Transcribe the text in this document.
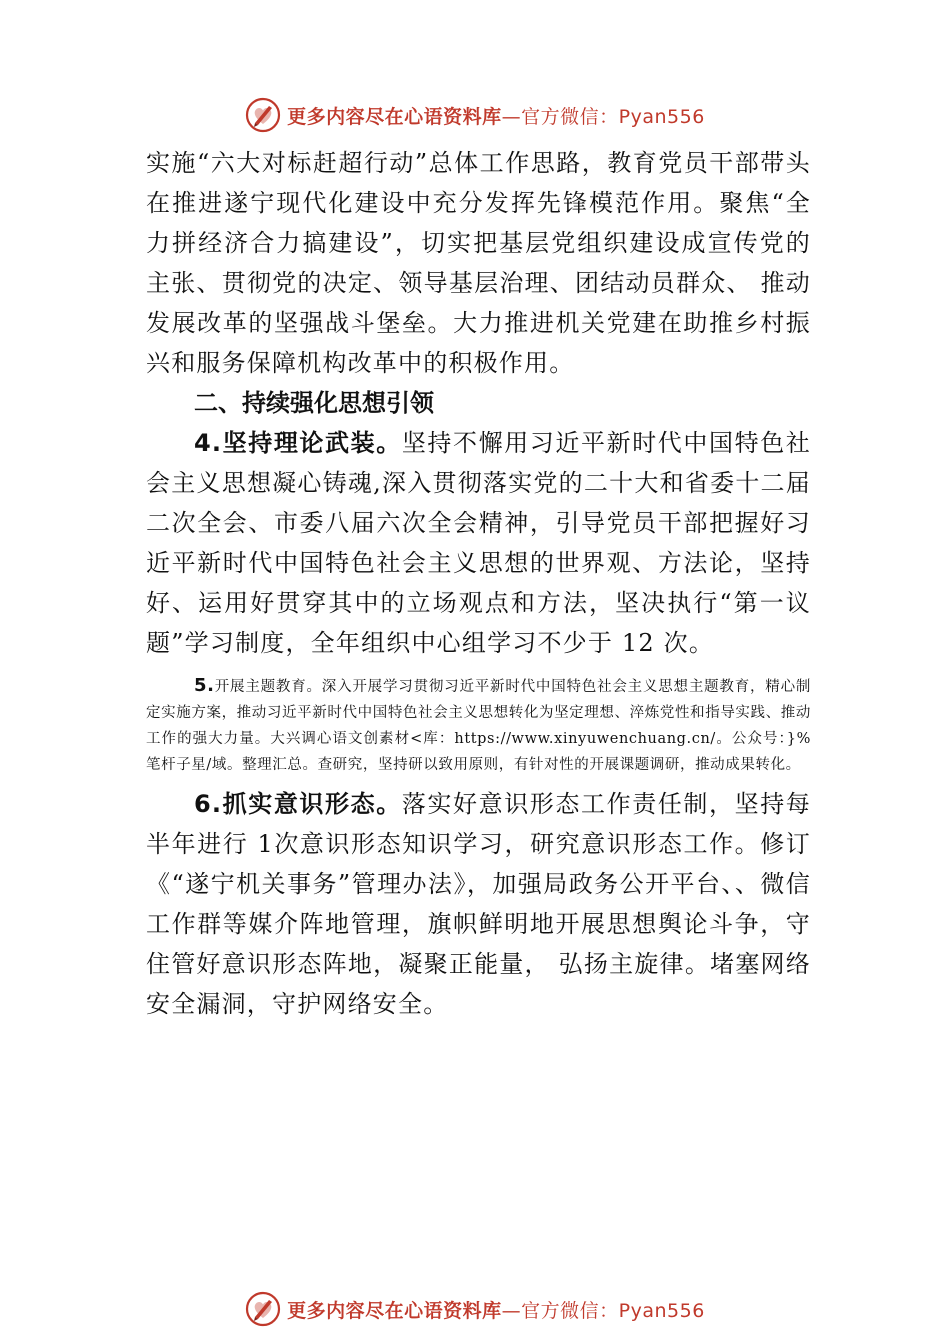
更多内容尽在心语资料库—官方微信：Pyan556

实施“六大对标赶超行动”总体工作思路，教育党员干部带头在推进遂宁现代化建设中充分发挥先锋模范作用。聚焦“全力拼经济合力搞建设”，切实把基层党组织建设成宣传党的主张、贯彻党的决定、领导基层治理、团结动员群众、 推动发展改革的坚强战斗堡垒。大力推进机关党建在助推乡村振兴和服务保障机构改革中的积极作用。

二、持续强化思想引领

4.坚持理论武装。坚持不懈用习近平新时代中国特色社会主义思想凝心铸魂,深入贯彻落实党的二十大和省委十二届二次全会、市委八届六次全会精神，引导党员干部把握好习近平新时代中国特色社会主义思想的世界观、方法论，坚持好、运用好贯穿其中的立场观点和方法，坚决执行“第一议题”学习制度，全年组织中心组学习不少于 12 次。

5.开展主题教育。深入开展学习贯彻习近平新时代中国特色社会主义思想主题教育，精心制定实施方案，推动习近平新时代中国特色社会主义思想转化为坚定理想、淬炼党性和指导实践、推动工作的强大力量。大兴调心语文创素材<库：https://www.xinyuwenchuang.cn/。公众号：}%笔杆子星/域。整理汇总。查研究，坚持研以致用原则，有针对性的开展课题调研，推动成果转化。

6.抓实意识形态。落实好意识形态工作责任制，坚持每半年进行 1次意识形态知识学习，研究意识形态工作。修订《“遂宁机关事务”管理办法》，加强局政务公开平台、、微信工作群等媒介阵地管理，旗帜鲜明地开展思想舆论斗争，守住管好意识形态阵地，凝聚正能量， 弘扬主旋律。堵塞网络安全漏洞，守护网络安全。

更多内容尽在心语资料库—官方微信：Pyan556
